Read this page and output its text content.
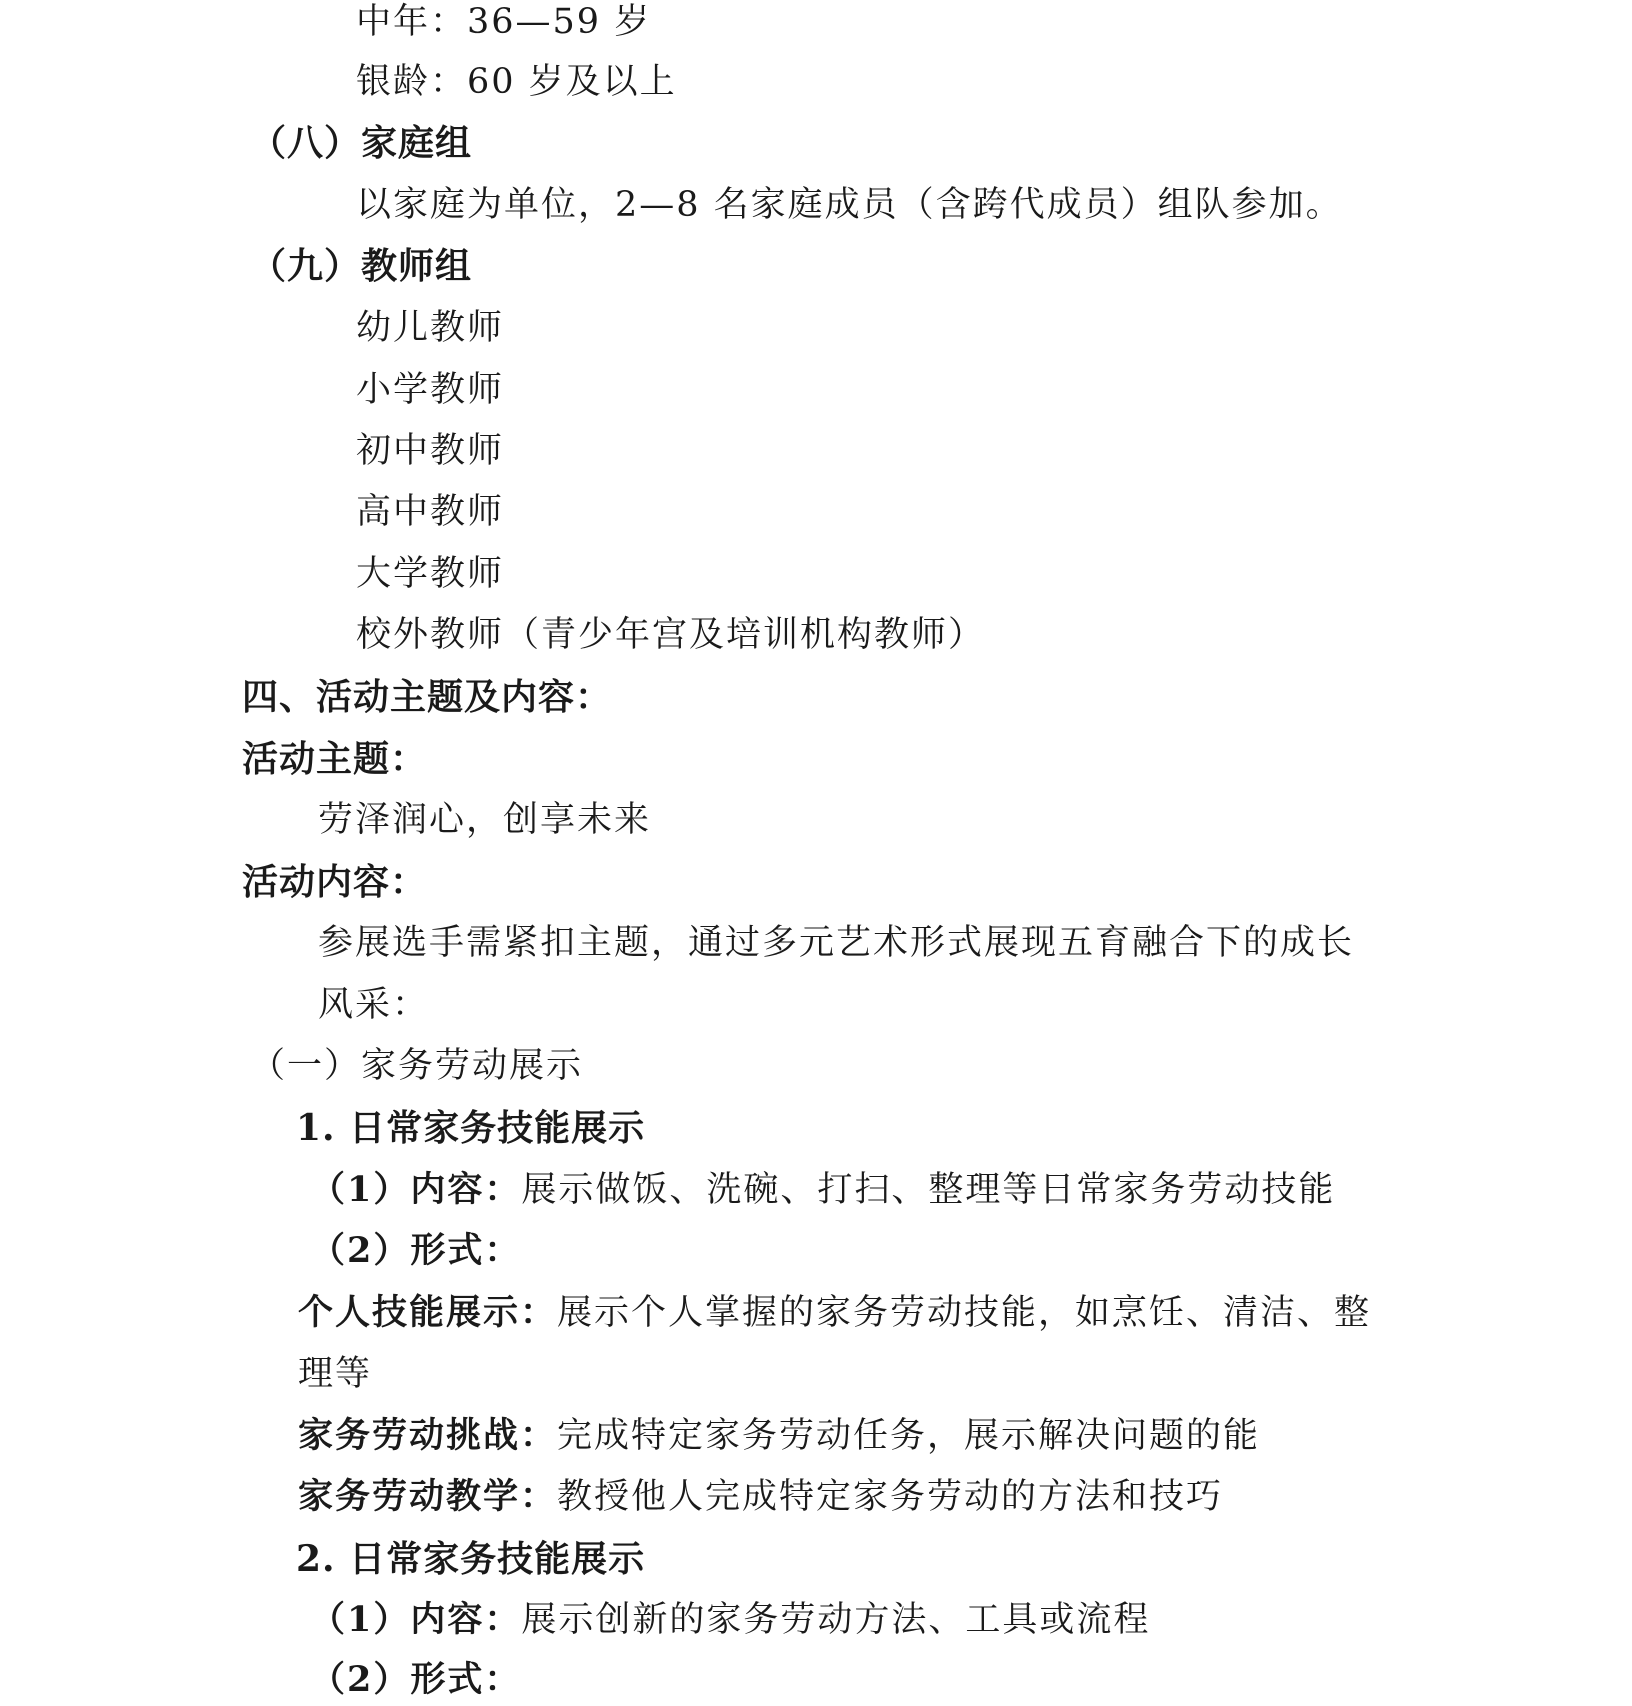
中年：36—59 岁
银龄：60 岁及以上
（八）家庭组
以家庭为单位，2—8 名家庭成员（含跨代成员）组队参加。
（九）教师组
幼儿教师
小学教师
初中教师
高中教师
大学教师
校外教师（青少年宫及培训机构教师）
四、活动主题及内容：
活动主题：
劳泽润心，创享未来
活动内容：
参展选手需紧扣主题，通过多元艺术形式展现五育融合下的成长
风采：
（一）家务劳动展示
1. 日常家务技能展示
（1）内容：展示做饭、洗碗、打扫、整理等日常家务劳动技能
（2）形式：
个人技能展示：展示个人掌握的家务劳动技能，如烹饪、清洁、整
理等
家务劳动挑战：完成特定家务劳动任务，展示解决问题的能
家务劳动教学：教授他人完成特定家务劳动的方法和技巧
2. 日常家务技能展示
（1）内容：展示创新的家务劳动方法、工具或流程
（2）形式：
